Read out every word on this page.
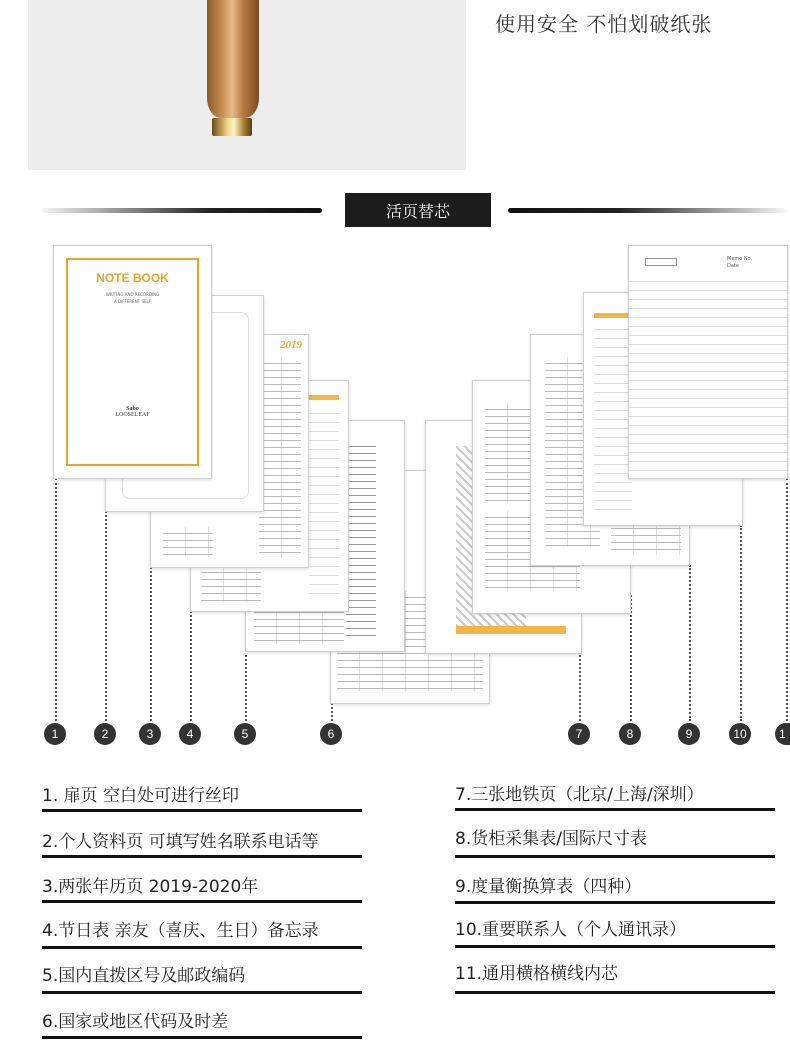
使用安全 不怕划破纸张
活页替芯
2019
NOTE BOOK
WRITING AND RECORDING
A DIFFERENT SELF
Sabo
LOOSELEAF
Memo No.
Date
1	2	3	4	5	6	7	8	9	10	1
1. 扉页 空白处可进行丝印
2.个人资料页 可填写姓名联系电话等
3.两张年历页 2019-2020年
4.节日表 亲友（喜庆、生日）备忘录
5.国内直拨区号及邮政编码
6.国家或地区代码及时差
7.三张地铁页（北京/上海/深圳）
8.货柜采集表/国际尺寸表
9.度量衡换算表（四种）
10.重要联系人（个人通讯录）
11.通用横格横线内芯
